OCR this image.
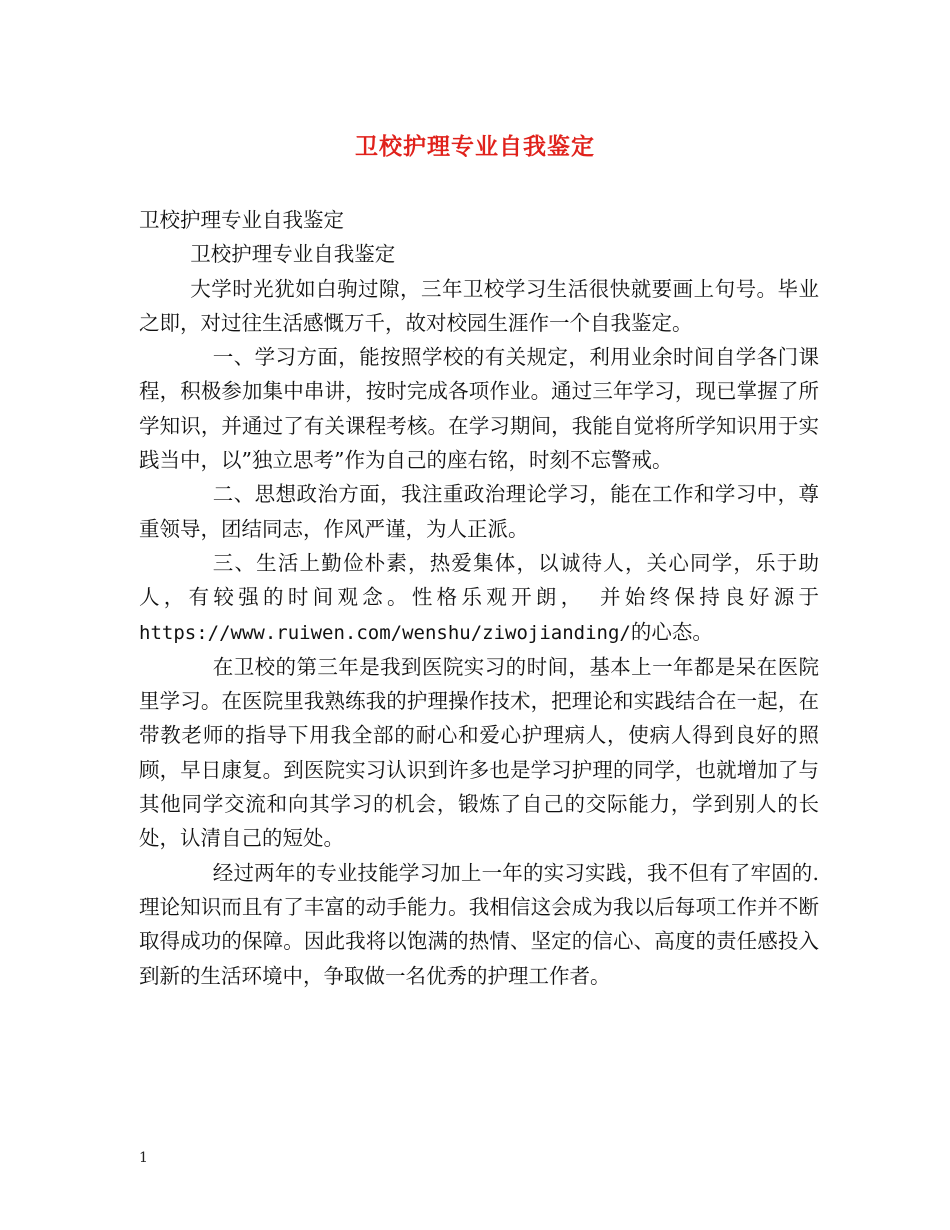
卫校护理专业自我鉴定

卫校护理专业自我鉴定

卫校护理专业自我鉴定

大学时光犹如白驹过隙，三年卫校学习生活很快就要画上句号。毕业之即，对过往生活感慨万千，故对校园生涯作一个自我鉴定。

一、学习方面，能按照学校的有关规定，利用业余时间自学各门课程，积极参加集中串讲，按时完成各项作业。通过三年学习，现已掌握了所学知识，并通过了有关课程考核。在学习期间，我能自觉将所学知识用于实践当中，以”独立思考”作为自己的座右铭，时刻不忘警戒。

二、思想政治方面，我注重政治理论学习，能在工作和学习中，尊重领导，团结同志，作风严谨，为人正派。

三、生活上勤俭朴素，热爱集体，以诚待人，关心同学，乐于助人，有较强的时间观念。性格乐观开朗，　并始终保持良好源于https://www.ruiwen.com/wenshu/ziwojianding/的心态。

在卫校的第三年是我到医院实习的时间，基本上一年都是呆在医院里学习。在医院里我熟练我的护理操作技术，把理论和实践结合在一起，在带教老师的指导下用我全部的耐心和爱心护理病人，使病人得到良好的照顾，早日康复。到医院实习认识到许多也是学习护理的同学，也就增加了与其他同学交流和向其学习的机会，锻炼了自己的交际能力，学到别人的长处，认清自己的短处。

经过两年的专业技能学习加上一年的实习实践，我不但有了牢固的.理论知识而且有了丰富的动手能力。我相信这会成为我以后每项工作并不断取得成功的保障。因此我将以饱满的热情、坚定的信心、高度的责任感投入到新的生活环境中，争取做一名优秀的护理工作者。

1
